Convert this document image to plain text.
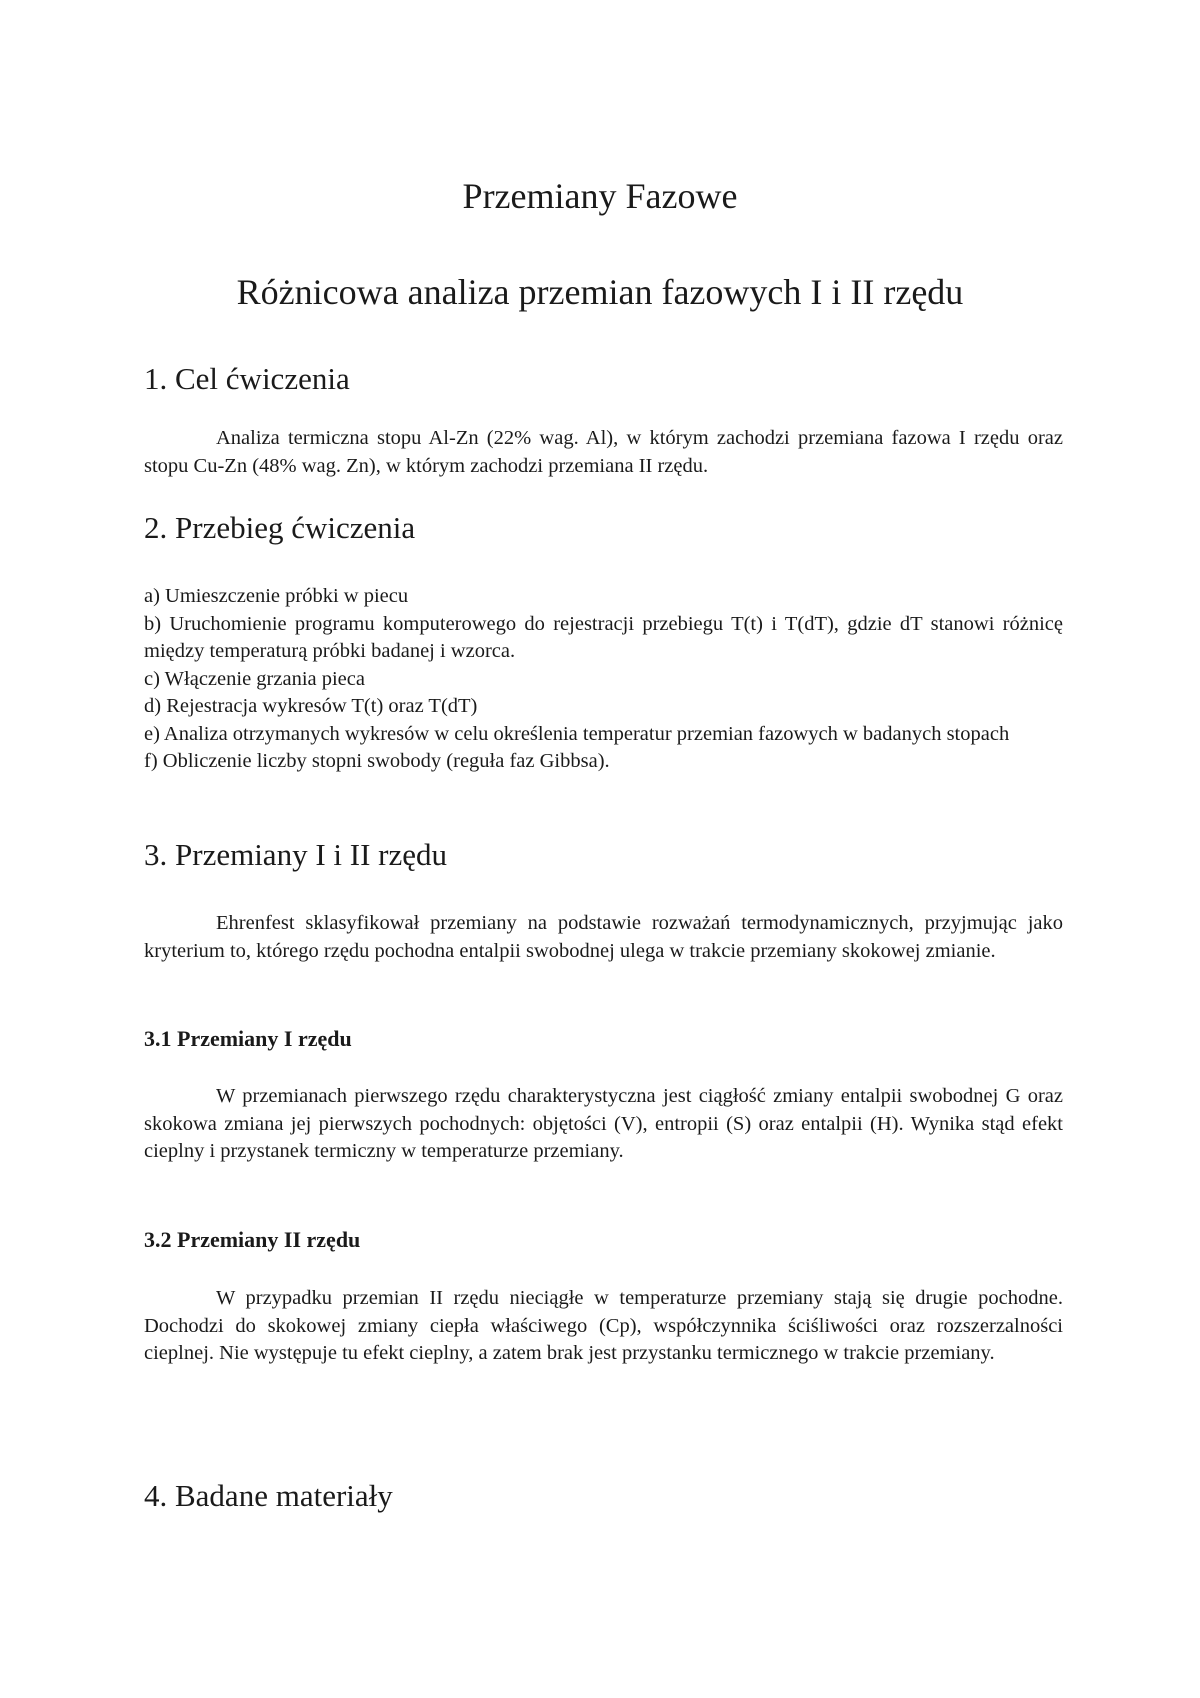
Przemiany Fazowe
Różnicowa analiza przemian fazowych I i II rzędu
1. Cel ćwiczenia

Analiza termiczna stopu Al-Zn (22% wag. Al), w którym zachodzi przemiana fazowa I rzędu oraz stopu Cu-Zn (48% wag. Zn), w którym zachodzi przemiana II rzędu.

2. Przebieg ćwiczenia
a) Umieszczenie próbki w piecu
b) Uruchomienie programu komputerowego do rejestracji przebiegu T(t) i T(dT), gdzie dT stanowi różnicę między temperaturą próbki badanej i wzorca.
c) Włączenie grzania pieca
d) Rejestracja wykresów T(t) oraz T(dT)
e) Analiza otrzymanych wykresów w celu określenia temperatur przemian fazowych w badanych stopach
f) Obliczenie liczby stopni swobody (reguła faz Gibbsa).
3. Przemiany I i II rzędu

Ehrenfest sklasyfikował przemiany na podstawie rozważań termodynamicznych, przyjmując jako kryterium to, którego rzędu pochodna entalpii swobodnej ulega w trakcie przemiany skokowej zmianie.

3.1 Przemiany I rzędu

W przemianach pierwszego rzędu charakterystyczna jest ciągłość zmiany entalpii swobodnej G oraz skokowa zmiana jej pierwszych pochodnych: objętości (V), entropii (S) oraz entalpii (H). Wynika stąd efekt cieplny i przystanek termiczny w temperaturze przemiany.

3.2 Przemiany II rzędu

W przypadku przemian II rzędu nieciągłe w temperaturze przemiany stają się drugie pochodne. Dochodzi do skokowej zmiany ciepła właściwego (Cp), współczynnika ściśliwości oraz rozszerzalności cieplnej. Nie występuje tu efekt cieplny, a zatem brak jest przystanku termicznego w trakcie przemiany.

4. Badane materiały
